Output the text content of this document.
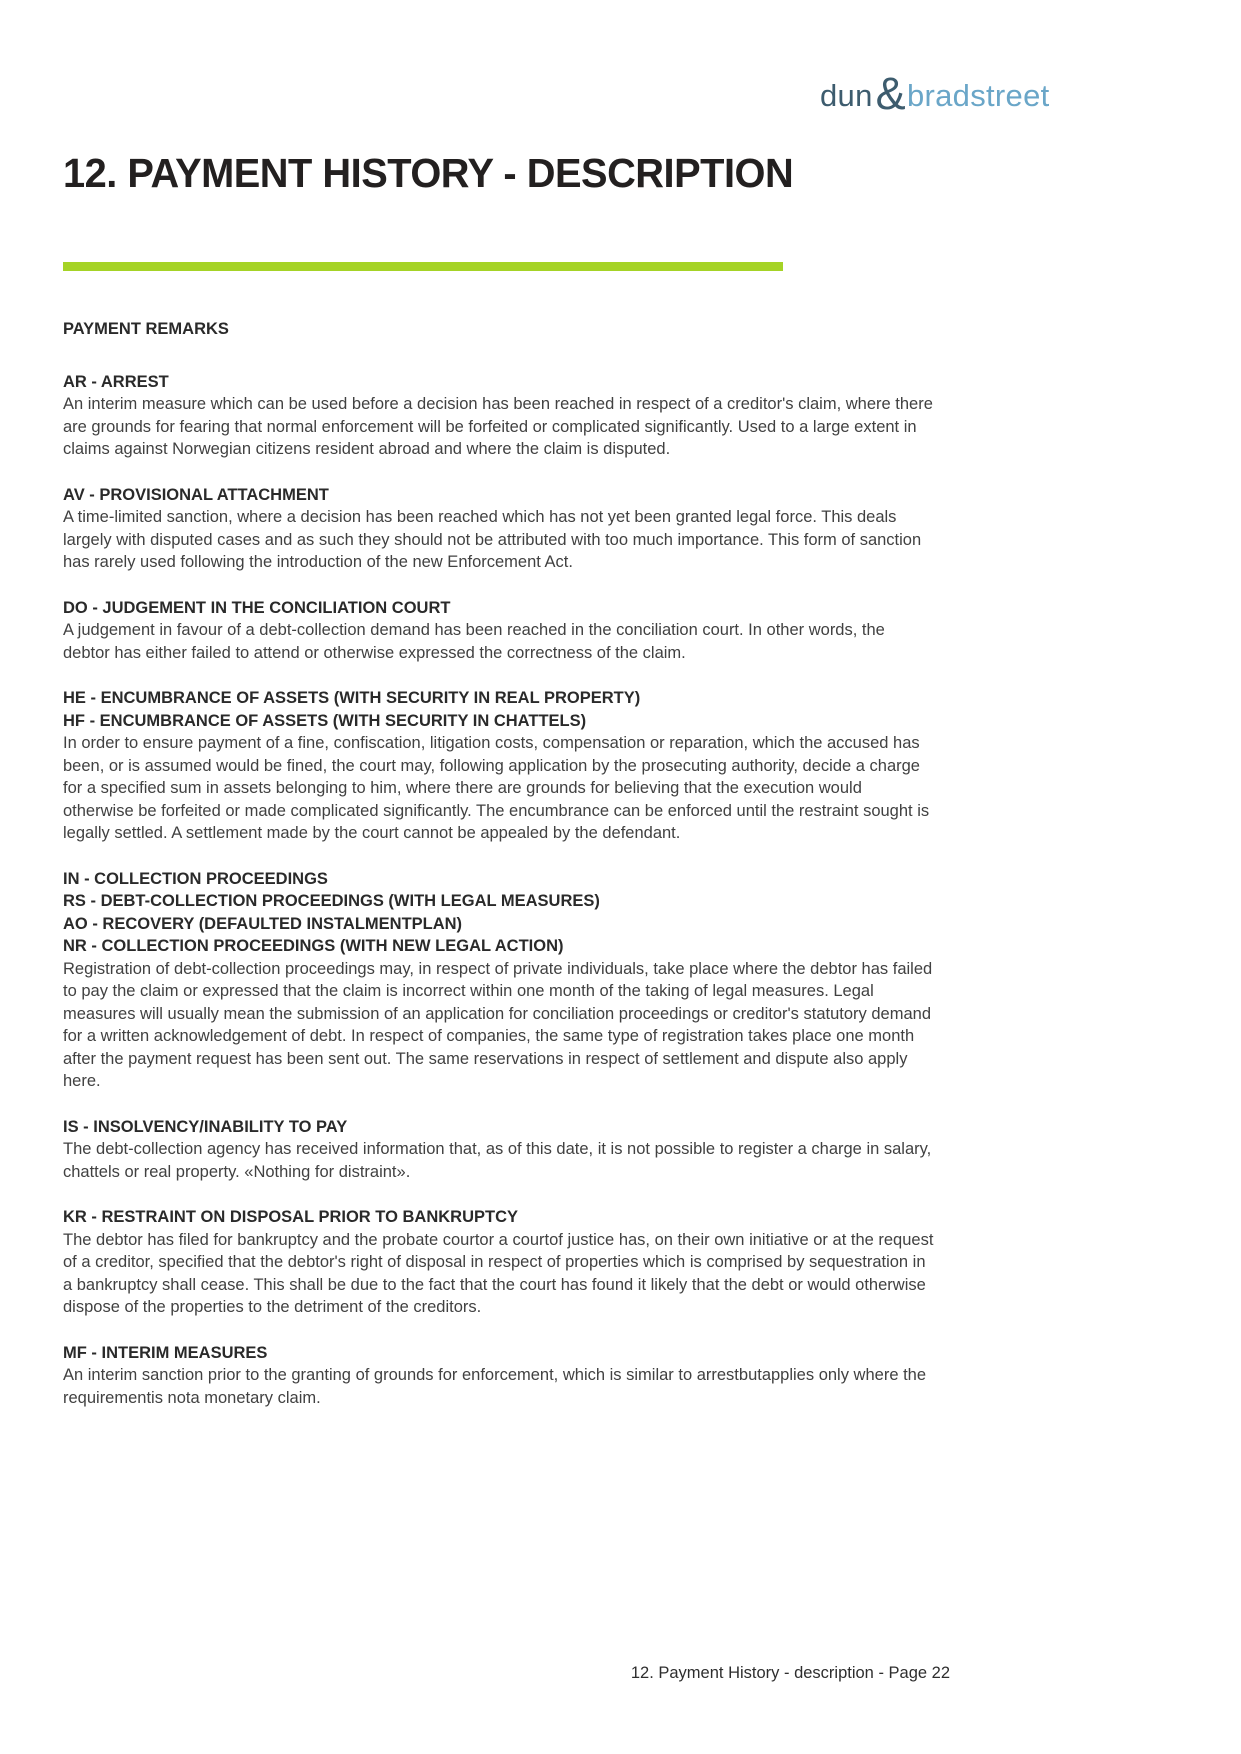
dun & bradstreet
12. PAYMENT HISTORY - DESCRIPTION
PAYMENT REMARKS
AR - ARREST

An interim measure which can be used before a decision has been reached in respect of a creditor's claim, where there are grounds for fearing that normal enforcement will be forfeited or complicated significantly. Used to a large extent in claims against Norwegian citizens resident abroad and where the claim is disputed.

AV - PROVISIONAL ATTACHMENT

A time-limited sanction, where a decision has been reached which has not yet been granted legal force. This deals largely with disputed cases and as such they should not be attributed with too much importance. This form of sanction has rarely used following the introduction of the new Enforcement Act.

DO - JUDGEMENT IN THE CONCILIATION COURT

A judgement in favour of a debt-collection demand has been reached in the conciliation court. In other words, the debtor has either failed to attend or otherwise expressed the correctness of the claim.

HE - ENCUMBRANCE OF ASSETS (WITH SECURITY IN REAL PROPERTY)
HF - ENCUMBRANCE OF ASSETS (WITH SECURITY IN CHATTELS)

In order to ensure payment of a fine, confiscation, litigation costs, compensation or reparation, which the accused has been, or is assumed would be fined, the court may, following application by the prosecuting authority, decide a charge for a specified sum in assets belonging to him, where there are grounds for believing that the execution would otherwise be forfeited or made complicated significantly. The encumbrance can be enforced until the restraint sought is legally settled. A settlement made by the court cannot be appealed by the defendant.

IN - COLLECTION PROCEEDINGS
RS - DEBT-COLLECTION PROCEEDINGS (WITH LEGAL MEASURES)
AO - RECOVERY (DEFAULTED INSTALMENTPLAN)
NR - COLLECTION PROCEEDINGS (WITH NEW LEGAL ACTION)

Registration of debt-collection proceedings may, in respect of private individuals, take place where the debtor has failed to pay the claim or expressed that the claim is incorrect within one month of the taking of legal measures. Legal measures will usually mean the submission of an application for conciliation proceedings or creditor's statutory demand for a written acknowledgement of debt. In respect of companies, the same type of registration takes place one month after the payment request has been sent out. The same reservations in respect of settlement and dispute also apply here.

IS - INSOLVENCY/INABILITY TO PAY

The debt-collection agency has received information that, as of this date, it is not possible to register a charge in salary, chattels or real property. «Nothing for distraint».

KR - RESTRAINT ON DISPOSAL PRIOR TO BANKRUPTCY

The debtor has filed for bankruptcy and the probate courtor a courtof justice has, on their own initiative or at the request of a creditor, specified that the debtor's right of disposal in respect of properties which is comprised by sequestration in a bankruptcy shall cease. This shall be due to the fact that the court has found it likely that the debt or would otherwise dispose of the properties to the detriment of the creditors.

MF - INTERIM MEASURES

An interim sanction prior to the granting of grounds for enforcement, which is similar to arrestbutapplies only where the requirementis nota monetary claim.

12. Payment History - description - Page 22
